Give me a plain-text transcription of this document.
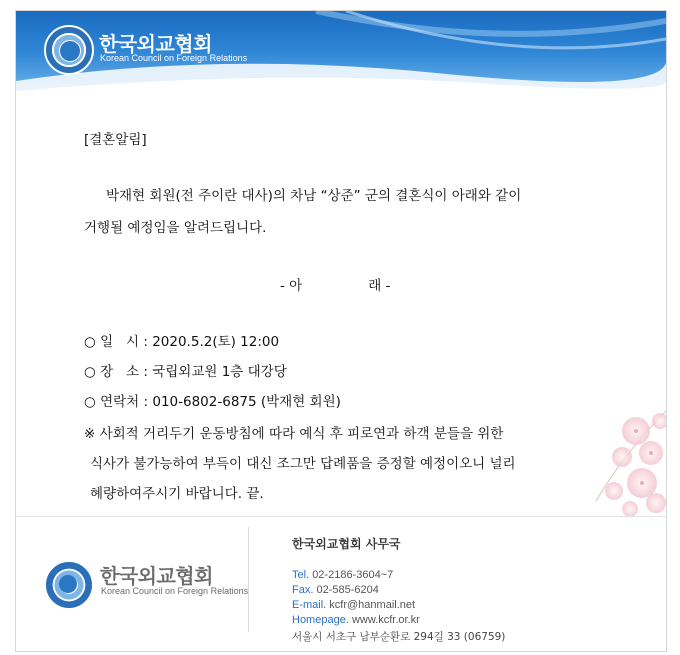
한국외교협회
Korean Council on Foreign Relations
[결혼알림]
박재현 회원(전 주이란 대사)의 차남 “상준” 군의 결혼식이 아래와 같이
거행될 예정임을 알려드립니다.
- 아	래 -
○ 일   시 : 2020.5.2(토) 12:00
○ 장   소 : 국립외교원 1층 대강당
○ 연락처 : 010-6802-6875 (박재현 회원)
※ 사회적 거리두기 운동방침에 따라 예식 후 피로연과 하객 분들을 위한
식사가 불가능하여 부득이 대신 조그만 답례품을 증정할 예정이오니 널리
혜량하여주시기 바랍니다. 끝.
한국외교협회
Korean Council on Foreign Relations
한국외교협회 사무국
Tel. 02-2186-3604~7
Fax. 02-585-6204
E-mail. kcfr@hanmail.net
Homepage. www.kcfr.or.kr
서울시 서초구 남부순환로 294길 33 (06759)
